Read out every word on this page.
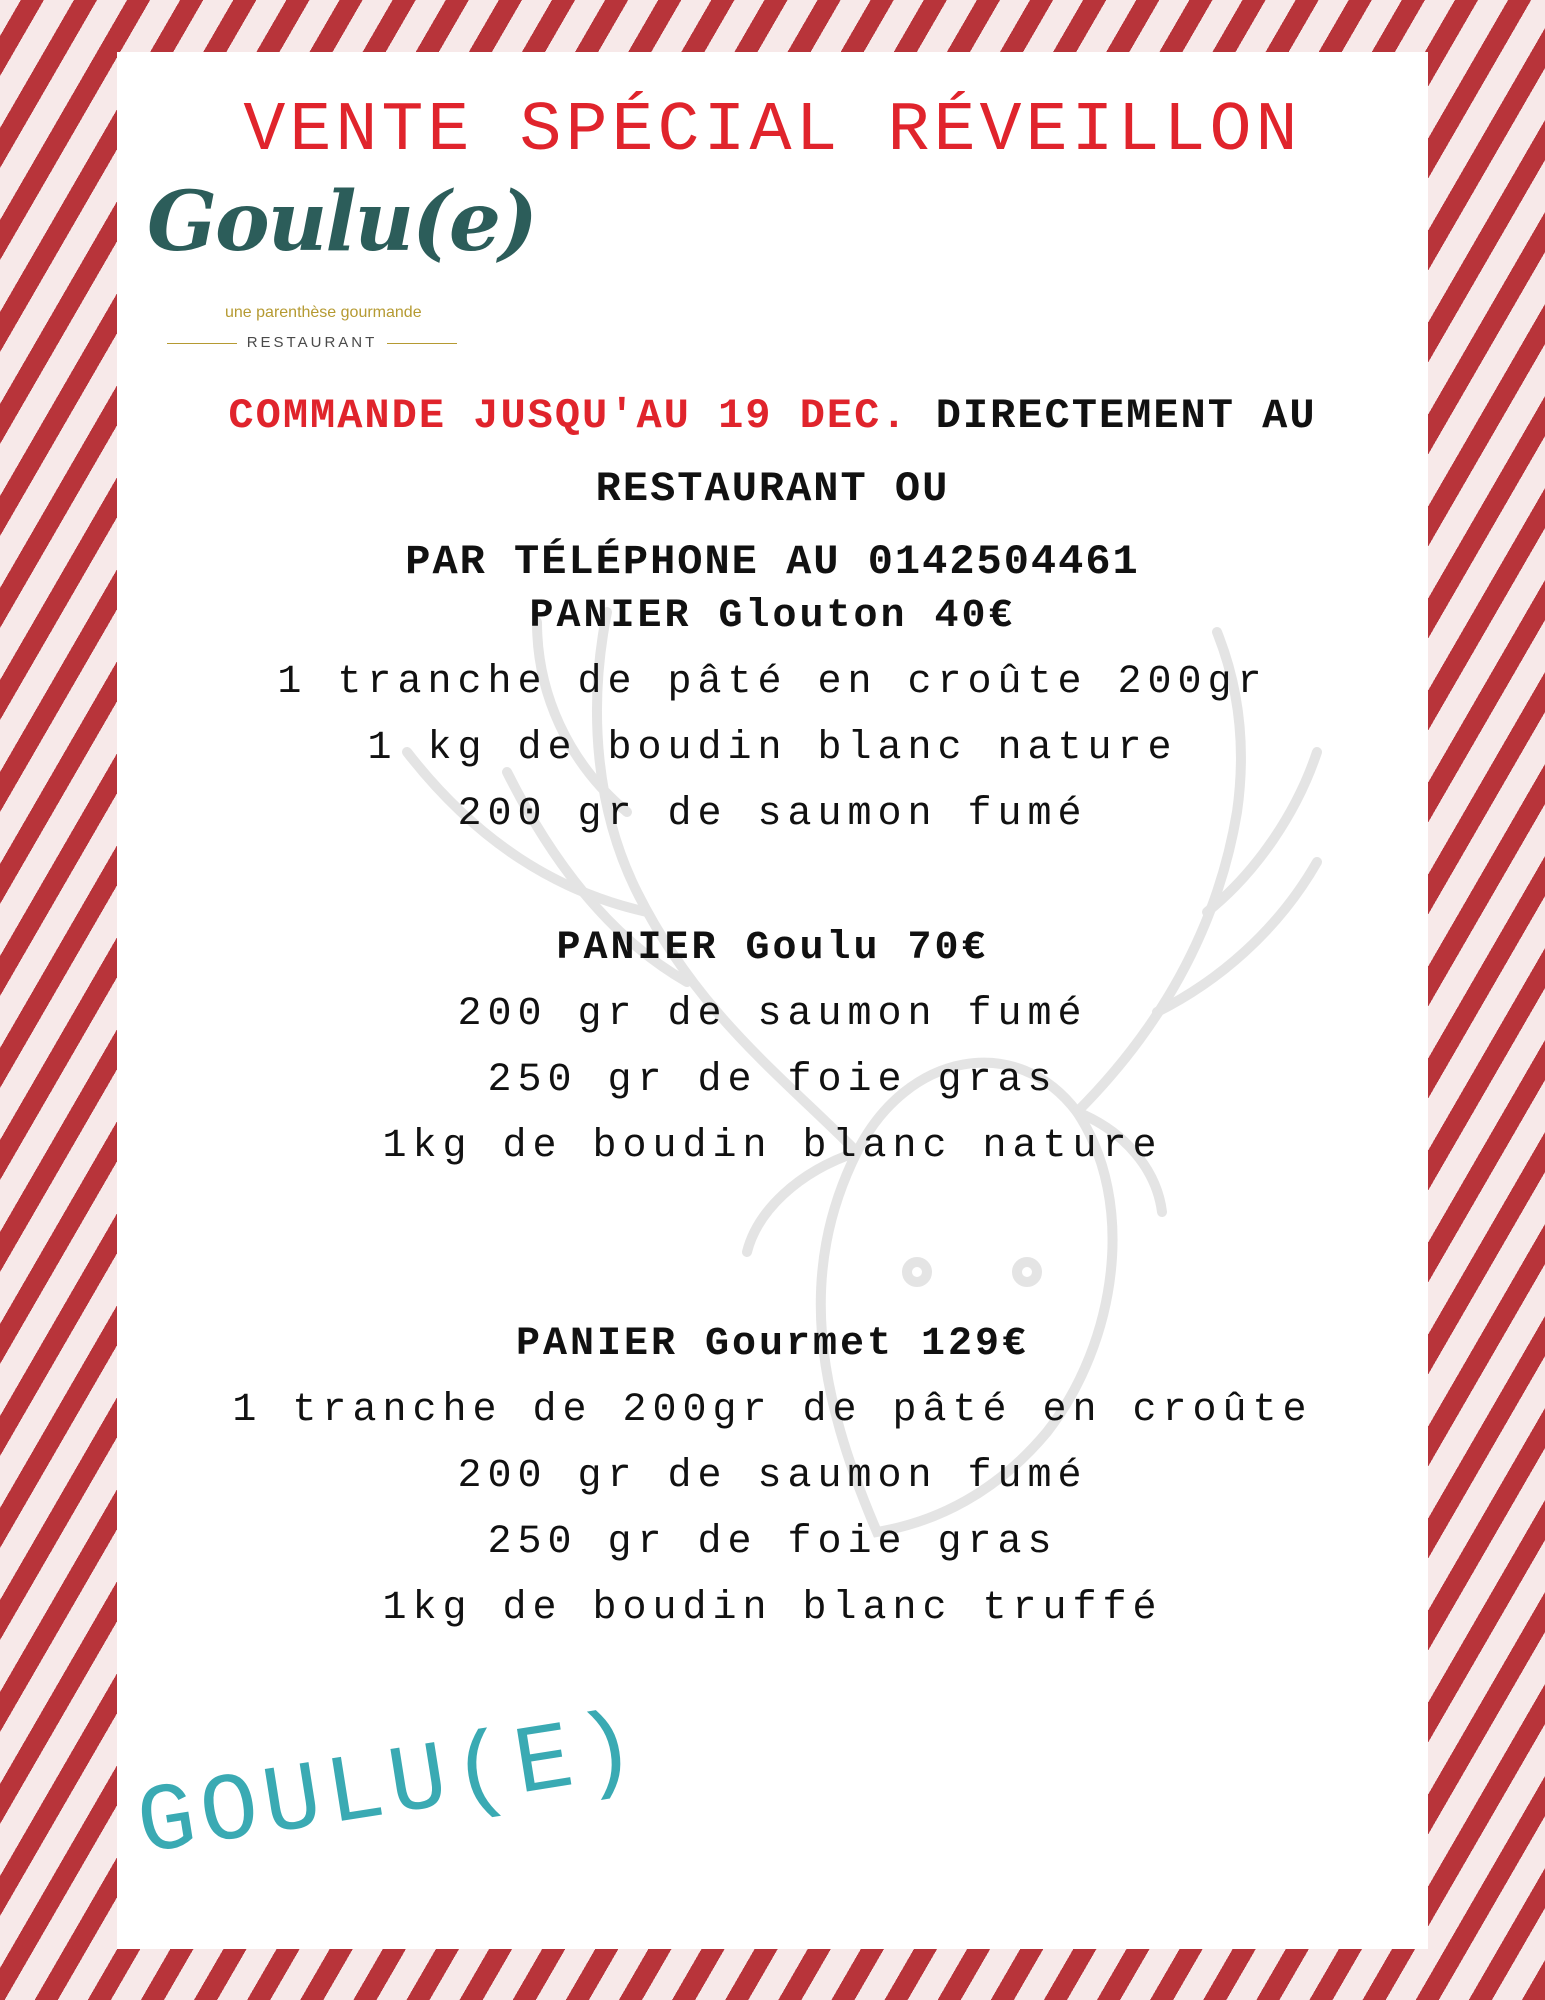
VENTE SPÉCIAL RÉVEILLON
Goulu(e)
une parenthèse gourmande
RESTAURANT
COMMANDE JUSQU'AU 19 DEC. DIRECTEMENT AU
RESTAURANT OU
PAR TÉLÉPHONE AU 0142504461
PANIER Glouton 40€
1 tranche de pâté en croûte 200gr
1 kg de boudin blanc nature
200 gr de saumon fumé
PANIER Goulu 70€
200 gr de saumon fumé
250 gr de foie gras
1kg de boudin blanc nature
PANIER Gourmet 129€
1 tranche de 200gr de pâté en croûte
200 gr de saumon fumé
250 gr de foie gras
1kg de boudin blanc truffé
GOULU(E)
